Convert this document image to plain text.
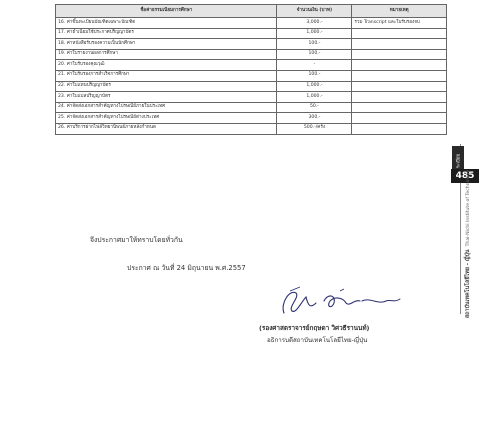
ชื่อค่าธรรมเนียมการศึกษา	จำนวนเงิน (บาท)	หมายเหตุ
16. ค่าขึ้นทะเบียนบัณฑิตเฉพาะบัณฑิต	3,000.-	รวม Transcript และใบรับรองจบ
17. ค่าธำเนียมใช้ประกาศปริญญาบัตร	1,000.-	
18. ค่าหนังสือรับรองความเป็นนักศึกษา	100.-	
19. ค่าใบรายงานผลการศึกษา	100.-	
20. ค่าใบรับรองคุณวุฒิ	-	
21. ค่าใบรับรองการสำเร็จการศึกษา	100.-	
22. ค่าใบแทนปริญญาบัตร	1,000.-	
23. ค่าใบแปลปริญญาบัตร	1,000.-	
24. ค่าจัดส่งเอกสารสำคัญทางไปรษณีย์ภายในประเทศ	50.-	
25. ค่าจัดส่งเอกสารสำคัญทางไปรษณีย์ต่างประเทศ	300.-	
26. ค่าบริการฝากไฟล์วิทยานิพนธ์ภายหลังกำหนด	500.-/ครั้ง	
จึงประกาศมาให้ทราบโดยทั่วกัน
ประกาศ ณ วันที่ 24 มิถุนายน พ.ศ.2557
(รองศาสตราจารย์กฤษดา วิศวธีรานนท์)
อธิการบดีสถาบันเทคโนโลยีไทย-ญี่ปุ่น
ระเบียบ
485
สถาบันเทคโนโลยีไทย - ญี่ปุ่นThai-Nichi Institute of Technology
